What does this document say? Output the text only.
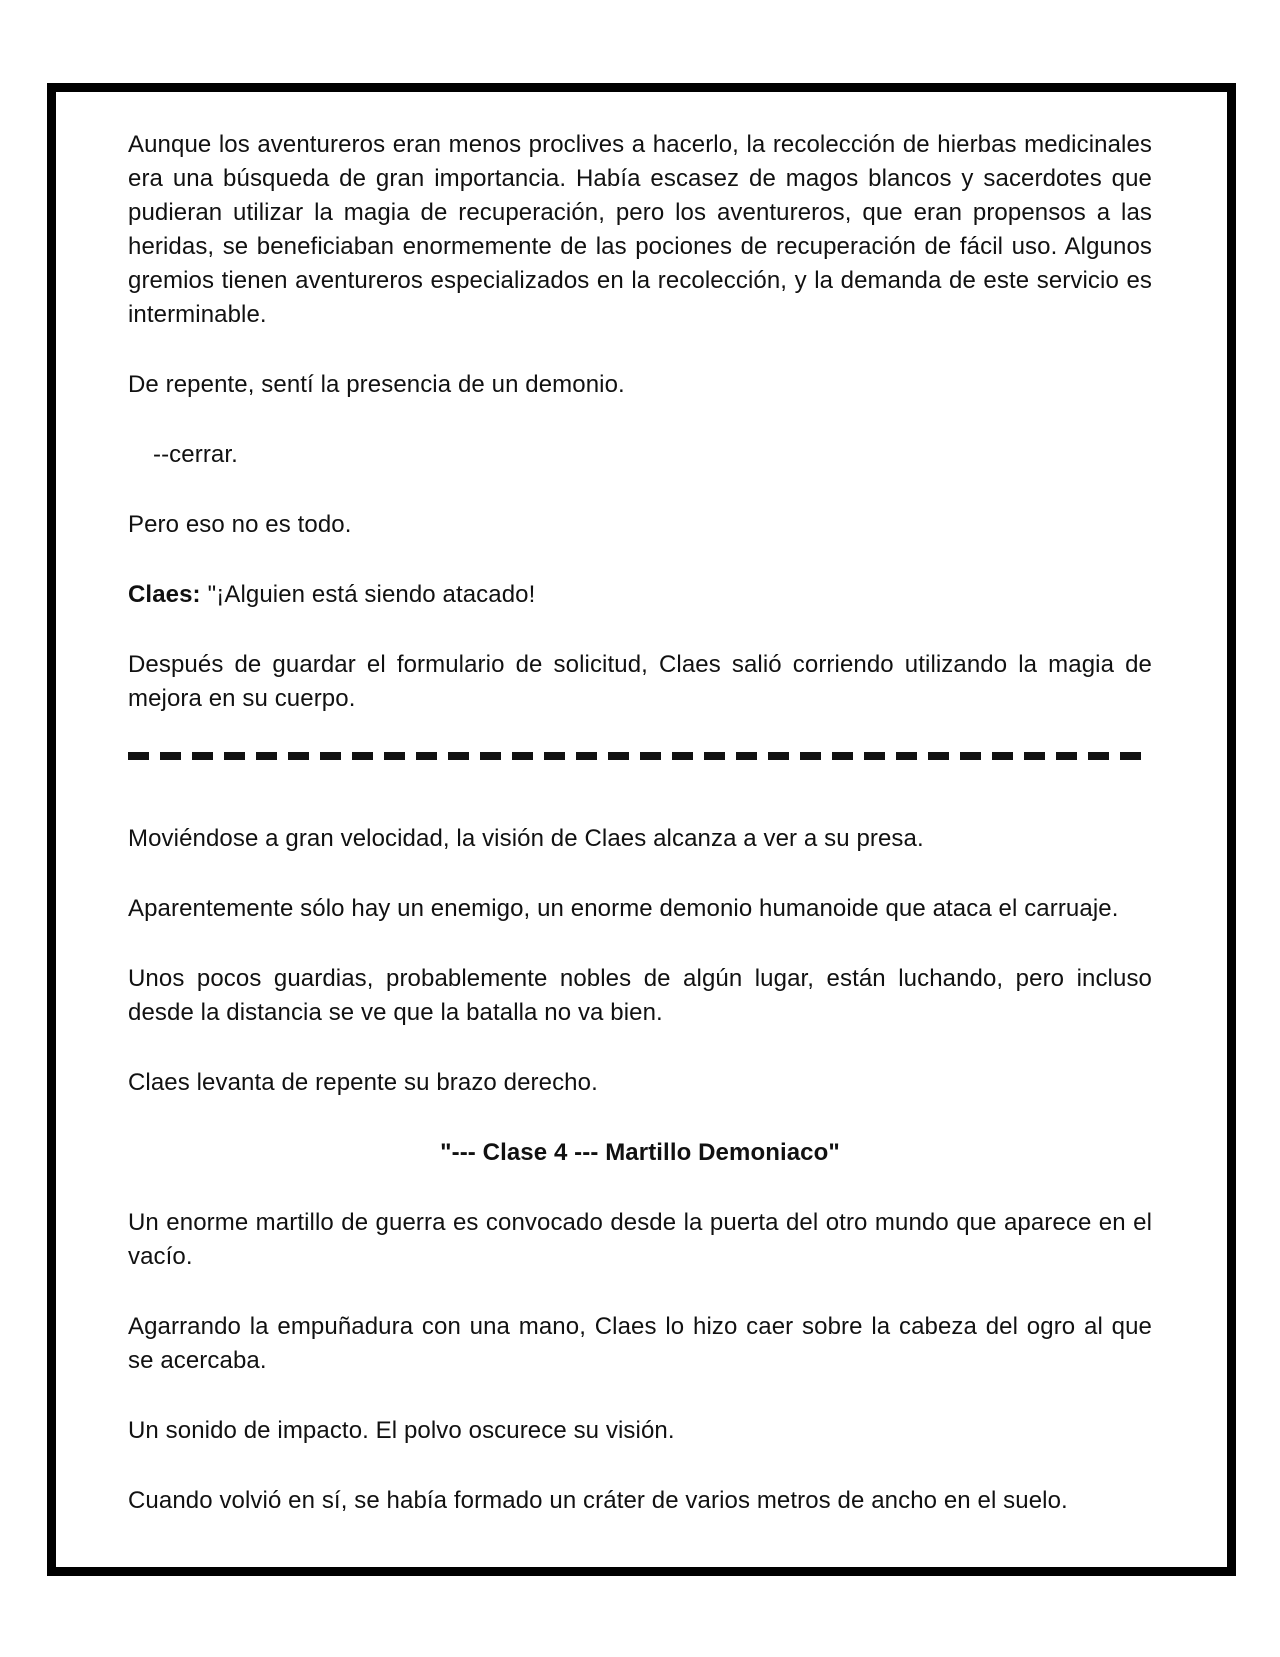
Aunque los aventureros eran menos proclives a hacerlo, la recolección de hierbas medicinales era una búsqueda de gran importancia. Había escasez de magos blancos y sacerdotes que pudieran utilizar la magia de recuperación, pero los aventureros, que eran propensos a las heridas, se beneficiaban enormemente de las pociones de recuperación de fácil uso. Algunos gremios tienen aventureros especializados en la recolección, y la demanda de este servicio es interminable.

De repente, sentí la presencia de un demonio.

--cerrar.

Pero eso no es todo.

Claes: "¡Alguien está siendo atacado!

Después de guardar el formulario de solicitud, Claes salió corriendo utilizando la magia de mejora en su cuerpo.

Moviéndose a gran velocidad, la visión de Claes alcanza a ver a su presa.

Aparentemente sólo hay un enemigo, un enorme demonio humanoide que ataca el carruaje.

Unos pocos guardias, probablemente nobles de algún lugar, están luchando, pero incluso desde la distancia se ve que la batalla no va bien.

Claes levanta de repente su brazo derecho.

"--- Clase 4 --- Martillo Demoniaco"

Un enorme martillo de guerra es convocado desde la puerta del otro mundo que aparece en el vacío.

Agarrando la empuñadura con una mano, Claes lo hizo caer sobre la cabeza del ogro al que se acercaba.

Un sonido de impacto. El polvo oscurece su visión.

Cuando volvió en sí, se había formado un cráter de varios metros de ancho en el suelo.
